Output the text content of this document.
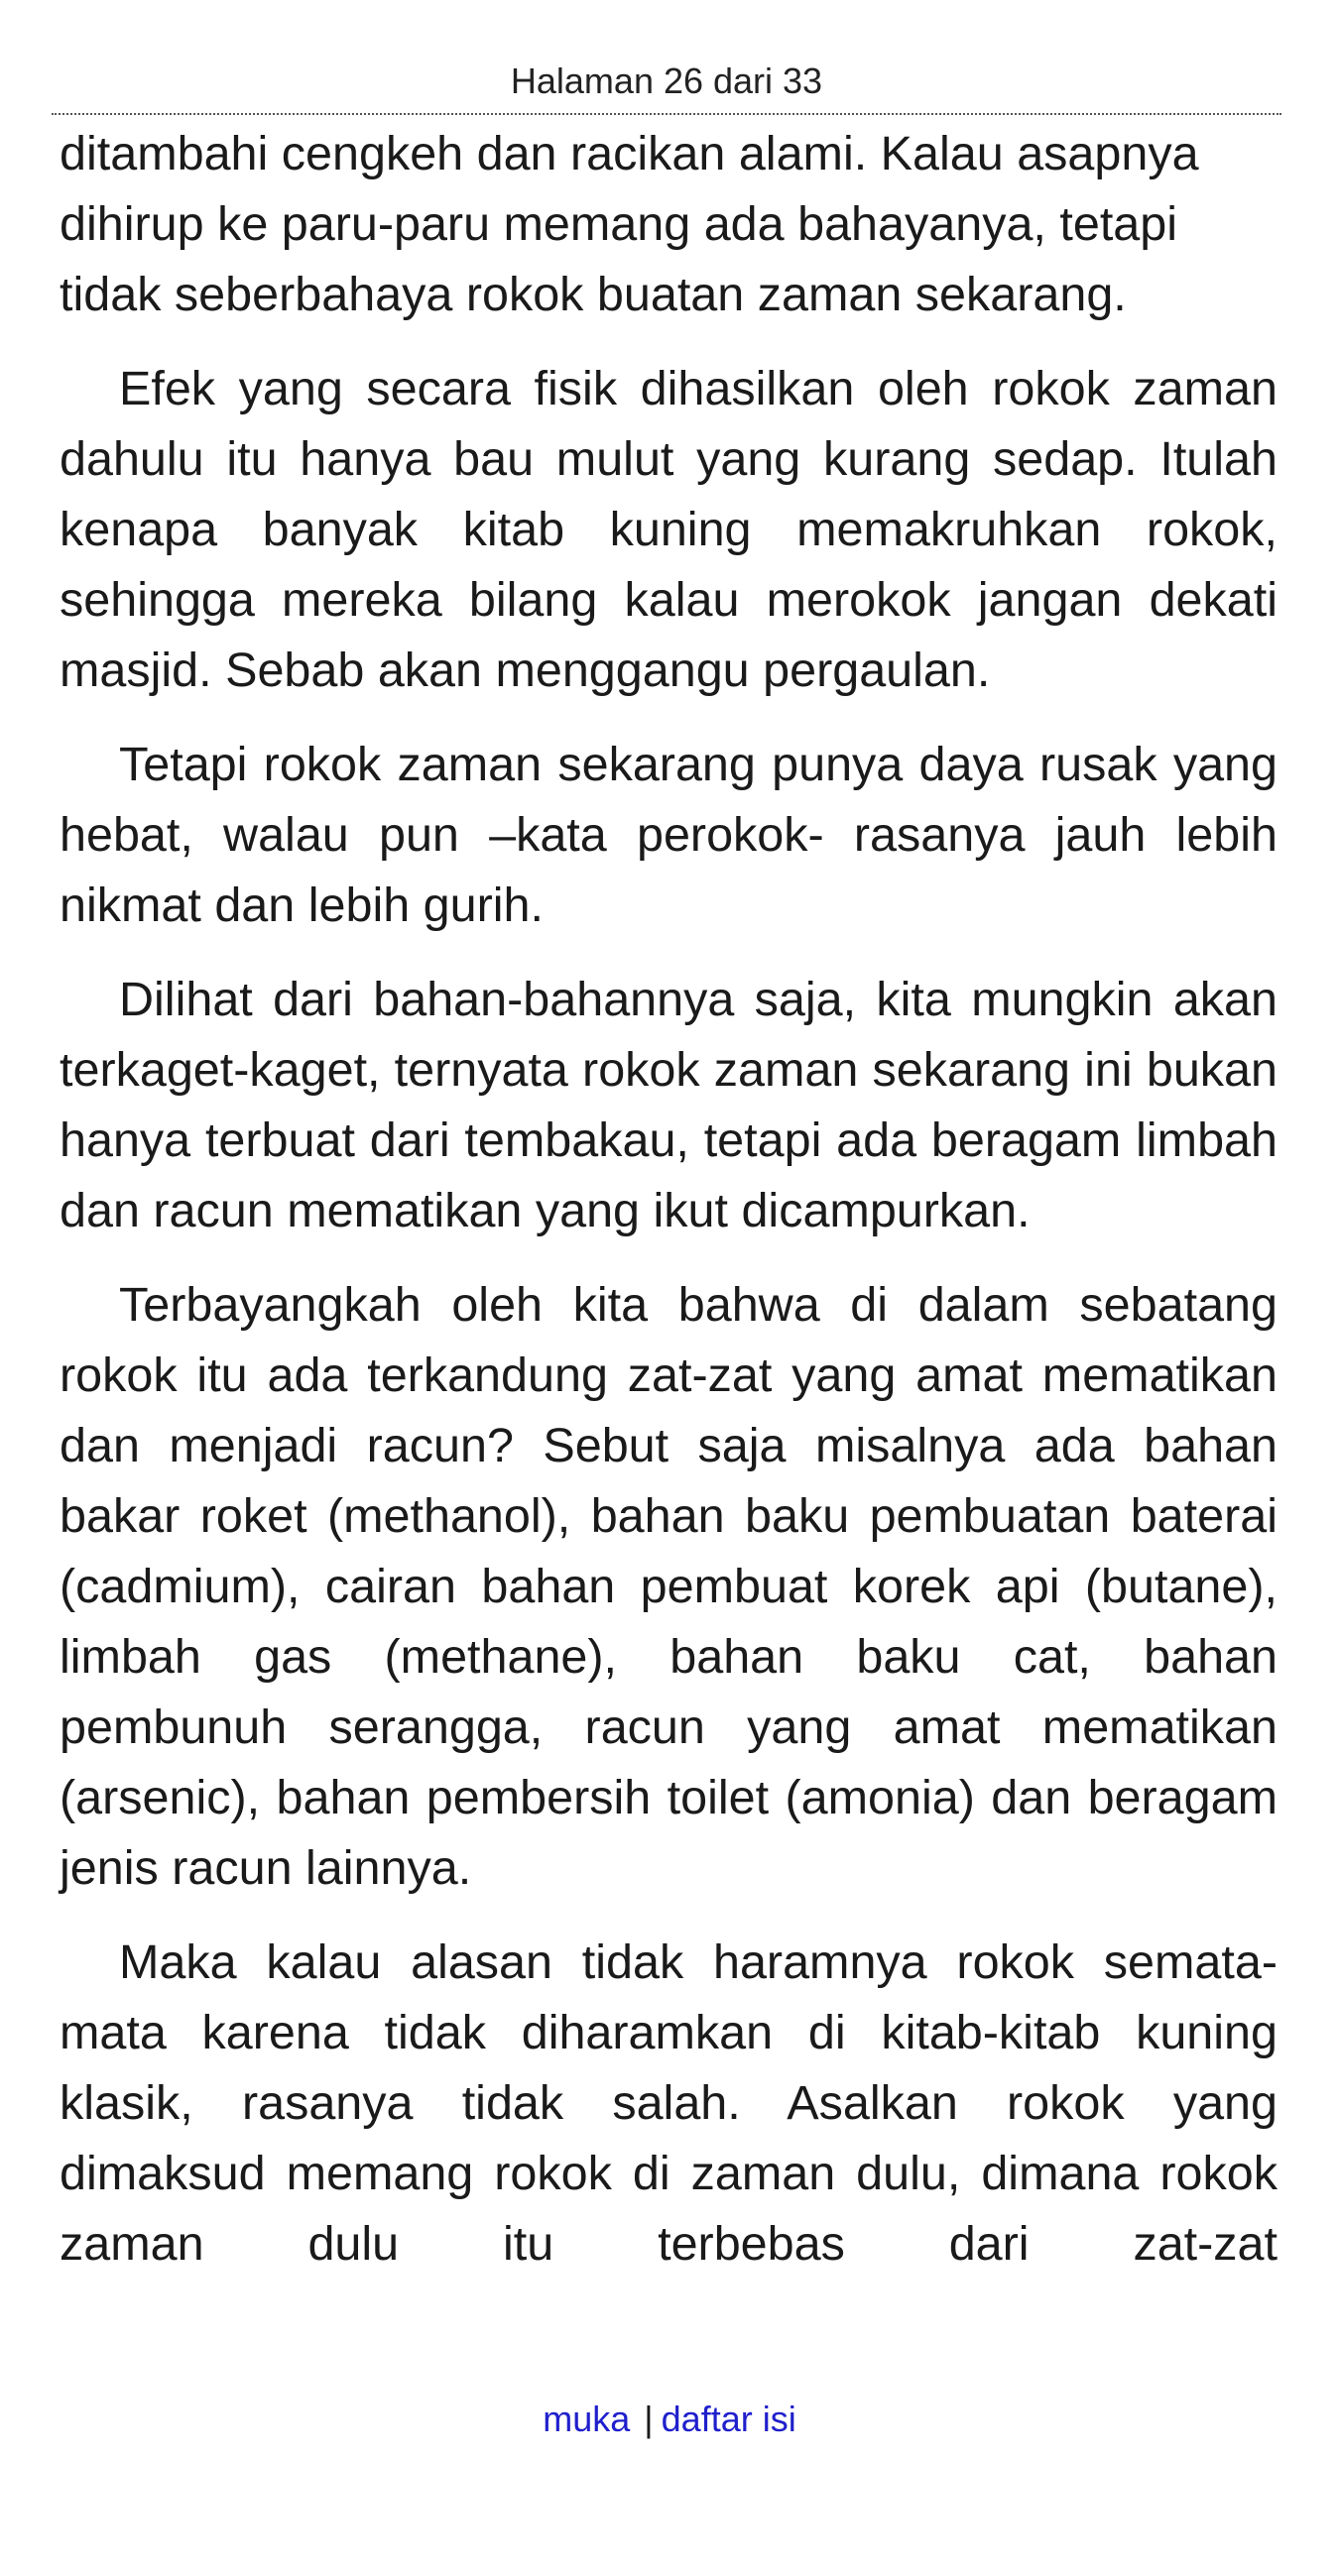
Halaman 26 dari 33

ditambahi cengkeh dan racikan alami. Kalau asapnya dihirup ke paru-paru memang ada bahayanya, tetapi tidak seberbahaya rokok buatan zaman sekarang.

Efek yang secara fisik dihasilkan oleh rokok zaman dahulu itu hanya bau mulut yang kurang sedap. Itulah kenapa banyak kitab kuning memakruhkan rokok, sehingga mereka bilang kalau merokok jangan dekati masjid. Sebab akan menggangu pergaulan.

Tetapi rokok zaman sekarang punya daya rusak yang hebat, walau pun –kata perokok- rasanya jauh lebih nikmat dan lebih gurih.

Dilihat dari bahan-bahannya saja, kita mungkin akan terkaget-kaget, ternyata rokok zaman sekarang ini bukan hanya terbuat dari tembakau, tetapi ada beragam limbah dan racun mematikan yang ikut dicampurkan.

Terbayangkah oleh kita bahwa di dalam sebatang rokok itu ada terkandung zat-zat yang amat mematikan dan menjadi racun? Sebut saja misalnya ada bahan bakar roket (methanol), bahan baku pembuatan baterai (cadmium), cairan bahan pembuat korek api (butane), limbah gas (methane), bahan baku cat, bahan pembunuh serangga, racun yang amat mematikan (arsenic), bahan pembersih toilet (amonia) dan beragam jenis racun lainnya.

Maka kalau alasan tidak haramnya rokok semata-mata karena tidak diharamkan di kitab-kitab kuning klasik, rasanya tidak salah. Asalkan rokok yang dimaksud memang rokok di zaman dulu, dimana rokok zaman dulu itu terbebas dari zat-zat

muka | daftar isi
